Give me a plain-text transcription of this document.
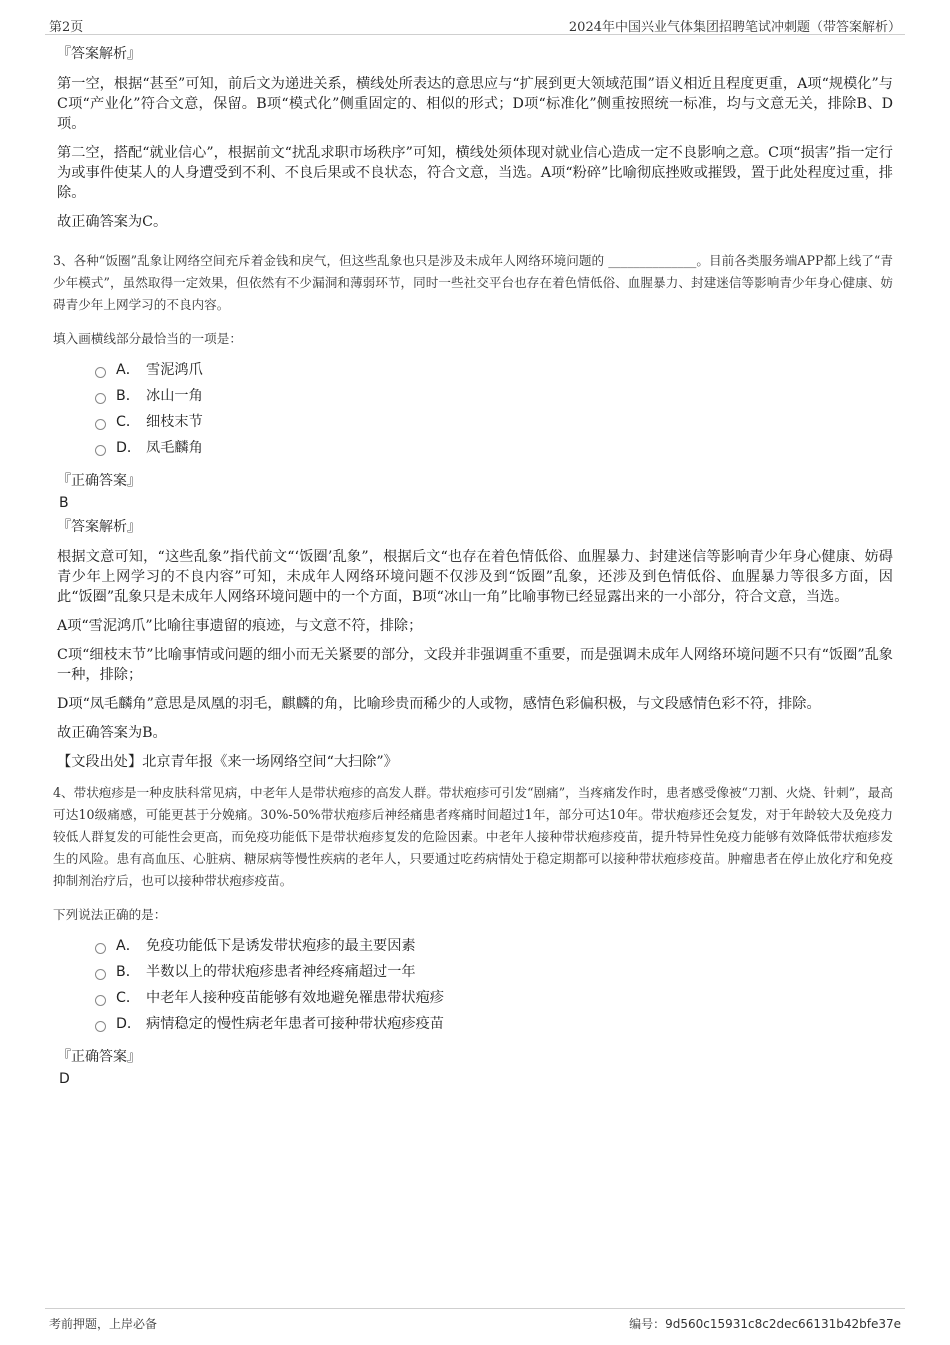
第2页	2024年中国兴业气体集团招聘笔试冲刺题（带答案解析）
『答案解析』

第一空，根据“甚至”可知，前后文为递进关系，横线处所表达的意思应与“扩展到更大领域范围”语义相近且程度更重，A项“规模化”与C项“产业化”符合文意，保留。B项“模式化”侧重固定的、相似的形式；D项“标准化”侧重按照统一标准，均与文意无关，排除B、D项。

第二空，搭配“就业信心”，根据前文“扰乱求职市场秩序”可知，横线处须体现对就业信心造成一定不良影响之意。C项“损害”指一定行为或事件使某人的人身遭受到不利、不良后果或不良状态，符合文意，当选。A项“粉碎”比喻彻底挫败或摧毁，置于此处程度过重，排除。

故正确答案为C。

3、各种“饭圈”乱象让网络空间充斥着金钱和戾气，但这些乱象也只是涉及未成年人网络环境问题的 ______________。目前各类服务端APP都上线了“青少年模式”，虽然取得一定效果，但依然有不少漏洞和薄弱环节，同时一些社交平台也存在着色情低俗、血腥暴力、封建迷信等影响青少年身心健康、妨碍青少年上网学习的不良内容。

填入画横线部分最恰当的一项是：
A． 雪泥鸿爪
B． 冰山一角
C． 细枝末节
D． 凤毛麟角
『正确答案』
B
『答案解析』

根据文意可知，“这些乱象”指代前文“‘饭圈’乱象”，根据后文“也存在着色情低俗、血腥暴力、封建迷信等影响青少年身心健康、妨碍青少年上网学习的不良内容”可知，未成年人网络环境问题不仅涉及到“饭圈”乱象，还涉及到色情低俗、血腥暴力等很多方面，因此“饭圈”乱象只是未成年人网络环境问题中的一个方面，B项“冰山一角”比喻事物已经显露出来的一小部分，符合文意，当选。

A项“雪泥鸿爪”比喻往事遗留的痕迹，与文意不符，排除；

C项“细枝末节”比喻事情或问题的细小而无关紧要的部分，文段并非强调重不重要，而是强调未成年人网络环境问题不只有“饭圈”乱象一种，排除；

D项“凤毛麟角”意思是凤凰的羽毛，麒麟的角，比喻珍贵而稀少的人或物，感情色彩偏积极，与文段感情色彩不符，排除。

故正确答案为B。

【文段出处】北京青年报《来一场网络空间“大扫除”》

4、带状疱疹是一种皮肤科常见病，中老年人是带状疱疹的高发人群。带状疱疹可引发“剧痛”，当疼痛发作时，患者感受像被“刀割、火烧、针刺”，最高可达10级痛感，可能更甚于分娩痛。30%-50%带状疱疹后神经痛患者疼痛时间超过1年，部分可达10年。带状疱疹还会复发，对于年龄较大及免疫力较低人群复发的可能性会更高，而免疫功能低下是带状疱疹复发的危险因素。中老年人接种带状疱疹疫苗，提升特异性免疫力能够有效降低带状疱疹发生的风险。患有高血压、心脏病、糖尿病等慢性疾病的老年人，只要通过吃药病情处于稳定期都可以接种带状疱疹疫苗。肿瘤患者在停止放化疗和免疫抑制剂治疗后，也可以接种带状疱疹疫苗。

下列说法正确的是：
A． 免疫功能低下是诱发带状疱疹的最主要因素
B． 半数以上的带状疱疹患者神经疼痛超过一年
C． 中老年人接种疫苗能够有效地避免罹患带状疱疹
D． 病情稳定的慢性病老年患者可接种带状疱疹疫苗
『正确答案』
D
考前押题，上岸必备	编号：9d560c15931c8c2dec66131b42bfe37e
